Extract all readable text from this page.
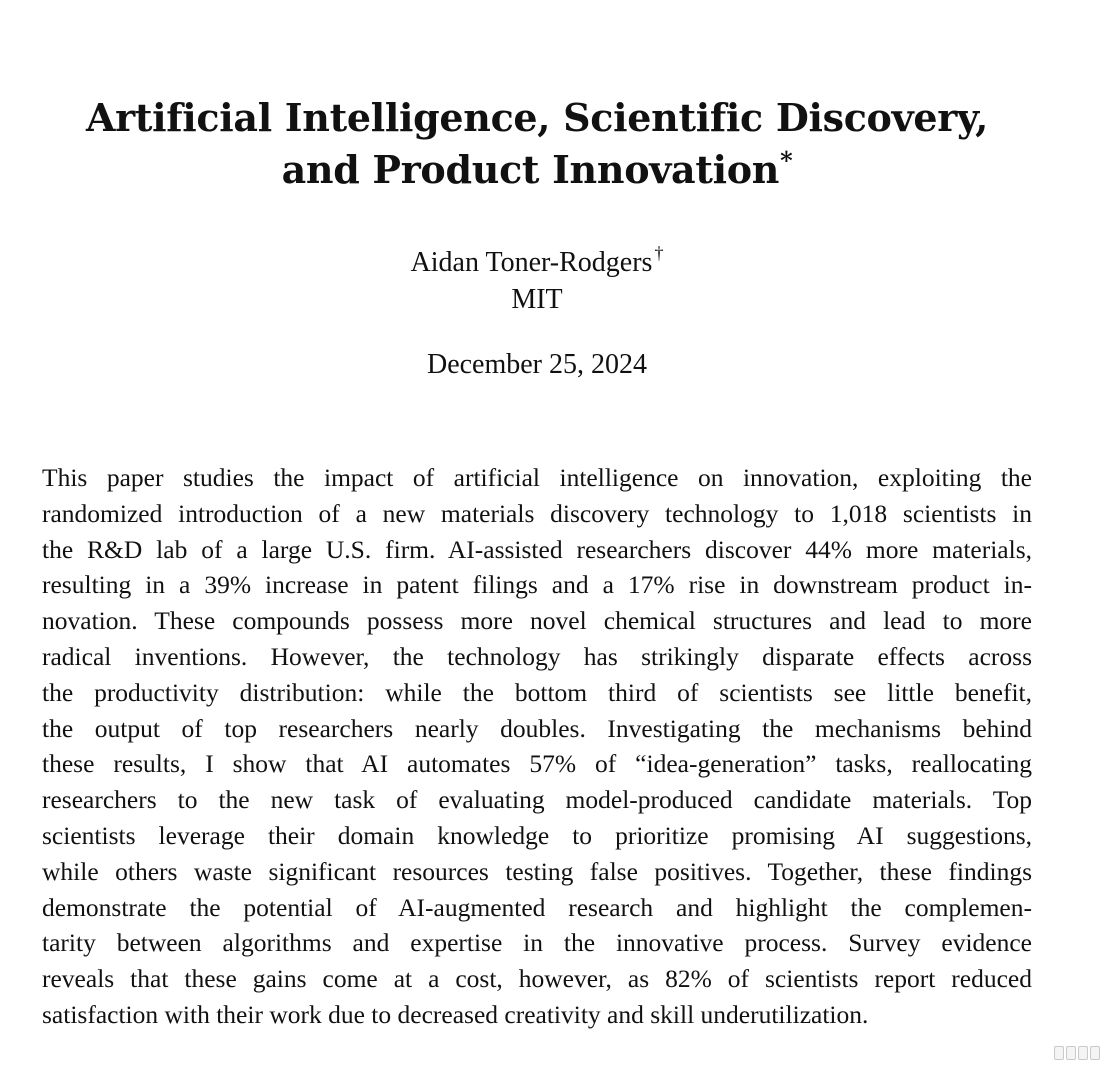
Artificial Intelligence, Scientific Discovery,
and Product Innovation*
Aidan Toner-Rodgers †
MIT
December 25, 2024

This paper studies the impact of artificial intelligence on innovation, exploiting the
randomized introduction of a new materials discovery technology to 1,018 scientists in
the R&D lab of a large U.S. firm. AI-assisted researchers discover 44% more materials,
resulting in a 39% increase in patent filings and a 17% rise in downstream product in-
novation. These compounds possess more novel chemical structures and lead to more
radical inventions. However, the technology has strikingly disparate effects across
the productivity distribution: while the bottom third of scientists see little benefit,
the output of top researchers nearly doubles. Investigating the mechanisms behind
these results, I show that AI automates 57% of “idea-generation” tasks, reallocating
researchers to the new task of evaluating model-produced candidate materials. Top
scientists leverage their domain knowledge to prioritize promising AI suggestions,
while others waste significant resources testing false positives. Together, these findings
demonstrate the potential of AI-augmented research and highlight the complemen-
tarity between algorithms and expertise in the innovative process. Survey evidence
reveals that these gains come at a cost, however, as 82% of scientists report reduced
satisfaction with their work due to decreased creativity and skill underutilization.
